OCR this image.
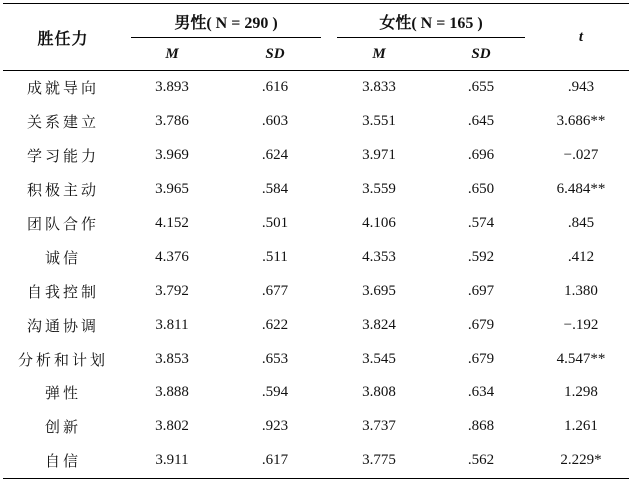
胜任力	男性( N = 290 )		女性( N = 165 )		t
	M	SD	M	SD	
成就导向	3.893	.616	3.833	.655	.943
关系建立	3.786	.603	3.551	.645	3.686**
学习能力	3.969	.624	3.971	.696	−.027
积极主动	3.965	.584	3.559	.650	6.484**
团队合作	4.152	.501	4.106	.574	.845
诚信	4.376	.511	4.353	.592	.412
自我控制	3.792	.677	3.695	.697	1.380
沟通协调	3.811	.622	3.824	.679	−.192
分析和计划	3.853	.653	3.545	.679	4.547**
弹性	3.888	.594	3.808	.634	1.298
创新	3.802	.923	3.737	.868	1.261
自信	3.911	.617	3.775	.562	2.229*
